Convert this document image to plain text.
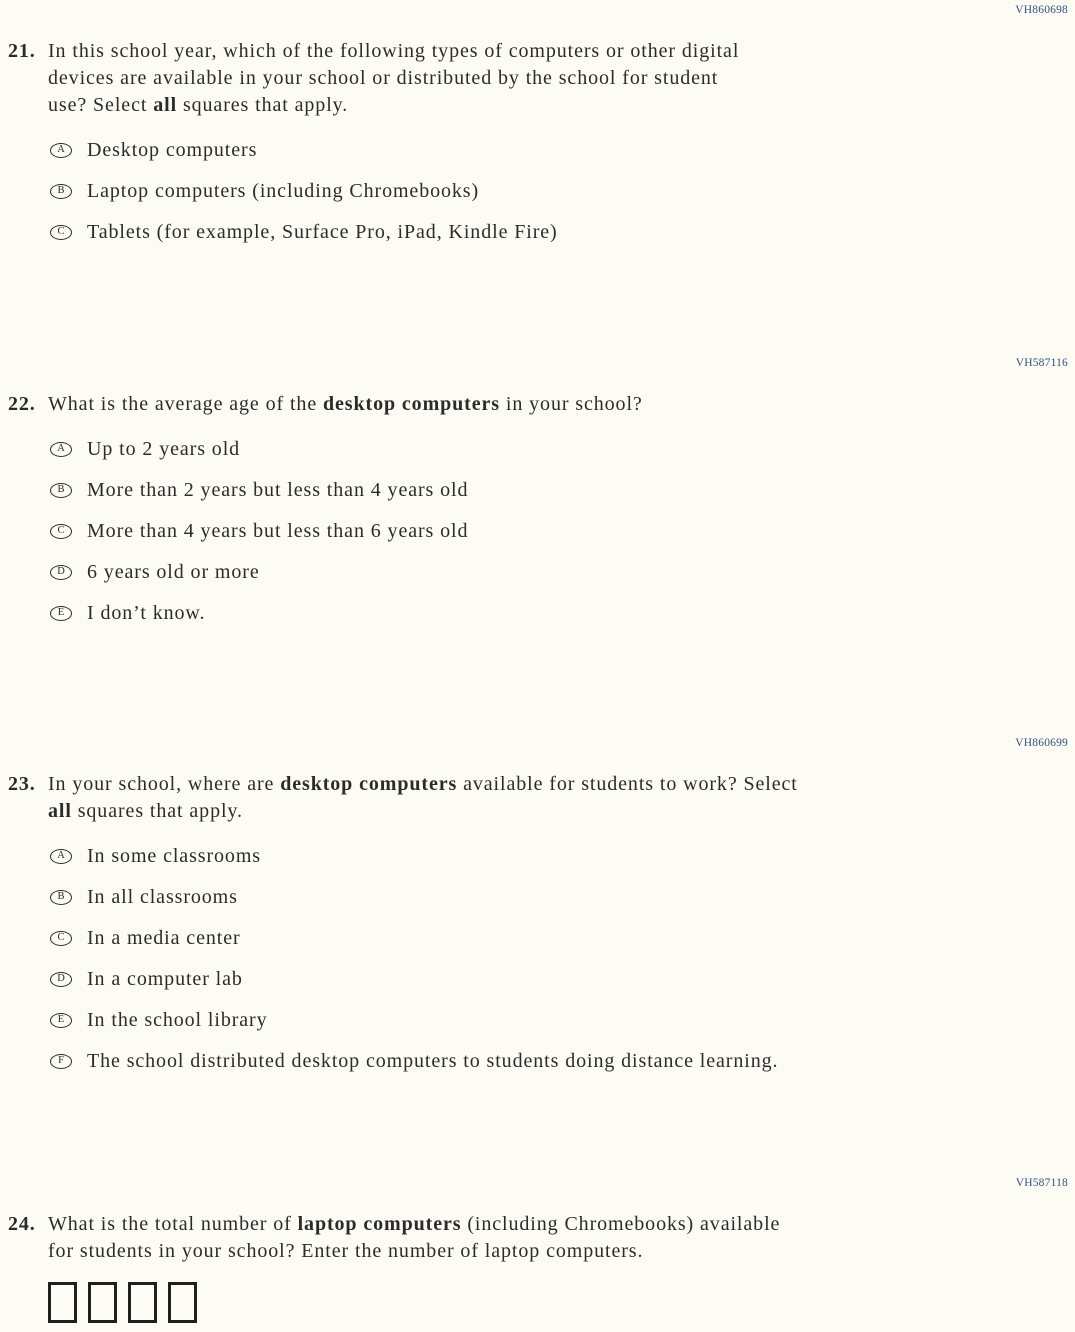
VH860698
21. In this school year, which of the following types of computers or other digital
devices are available in your school or distributed by the school for student
use? Select all squares that apply.
A	Desktop computers
B	Laptop computers (including Chromebooks)
C	Tablets (for example, Surface Pro, iPad, Kindle Fire)
VH587116
22. What is the average age of the desktop computers in your school?
A	Up to 2 years old
B	More than 2 years but less than 4 years old
C	More than 4 years but less than 6 years old
D	6 years old or more
E	I don’t know.
VH860699
23. In your school, where are desktop computers available for students to work? Select
all squares that apply.
A	In some classrooms
B	In all classrooms
C	In a media center
D	In a computer lab
E	In the school library
F	The school distributed desktop computers to students doing distance learning.
VH587118
24. What is the total number of laptop computers (including Chromebooks) available
for students in your school? Enter the number of laptop computers.
